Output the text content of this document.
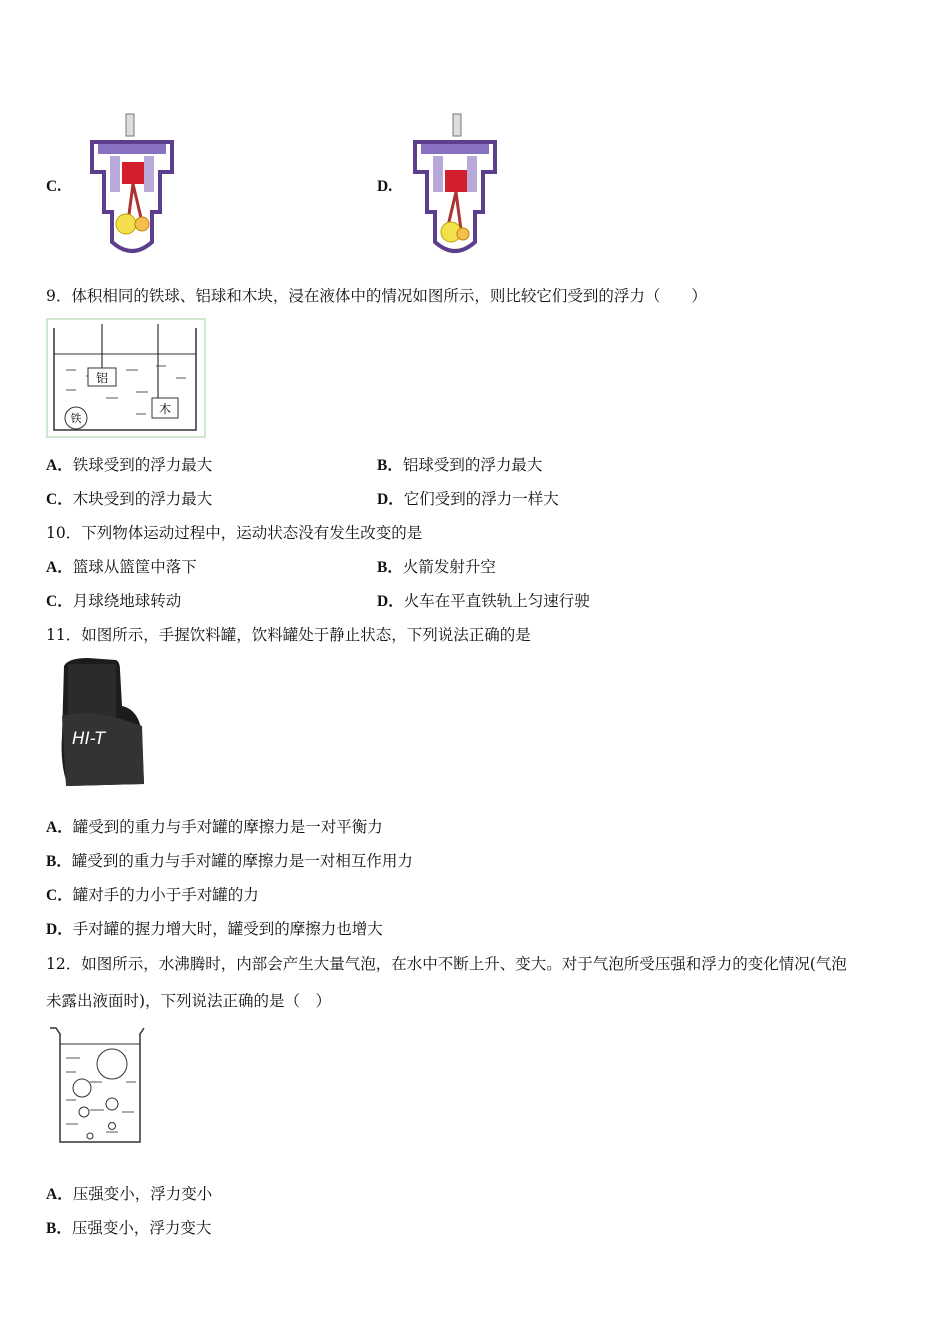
C.	D.
9．体积相同的铁球、铝球和木块，浸在液体中的情况如图所示，则比较它们受到的浮力（　　）
铝
木
铁
A．铁球受到的浮力最大	B．铝球受到的浮力最大
C．木块受到的浮力最大	D．它们受到的浮力一样大
10．下列物体运动过程中，运动状态没有发生改变的是
A．篮球从篮筐中落下	B．火箭发射升空
C．月球绕地球转动	D．火车在平直铁轨上匀速行驶
11．如图所示，手握饮料罐，饮料罐处于静止状态，下列说法正确的是
HI-T
A．罐受到的重力与手对罐的摩擦力是一对平衡力
B．罐受到的重力与手对罐的摩擦力是一对相互作用力
C．罐对手的力小于手对罐的力
D．手对罐的握力增大时，罐受到的摩擦力也增大
12．如图所示，水沸腾时，内部会产生大量气泡，在水中不断上升、变大。对于气泡所受压强和浮力的变化情况(气泡
未露出液面时)，下列说法正确的是（　）
A．压强变小，浮力变小
B．压强变小，浮力变大
